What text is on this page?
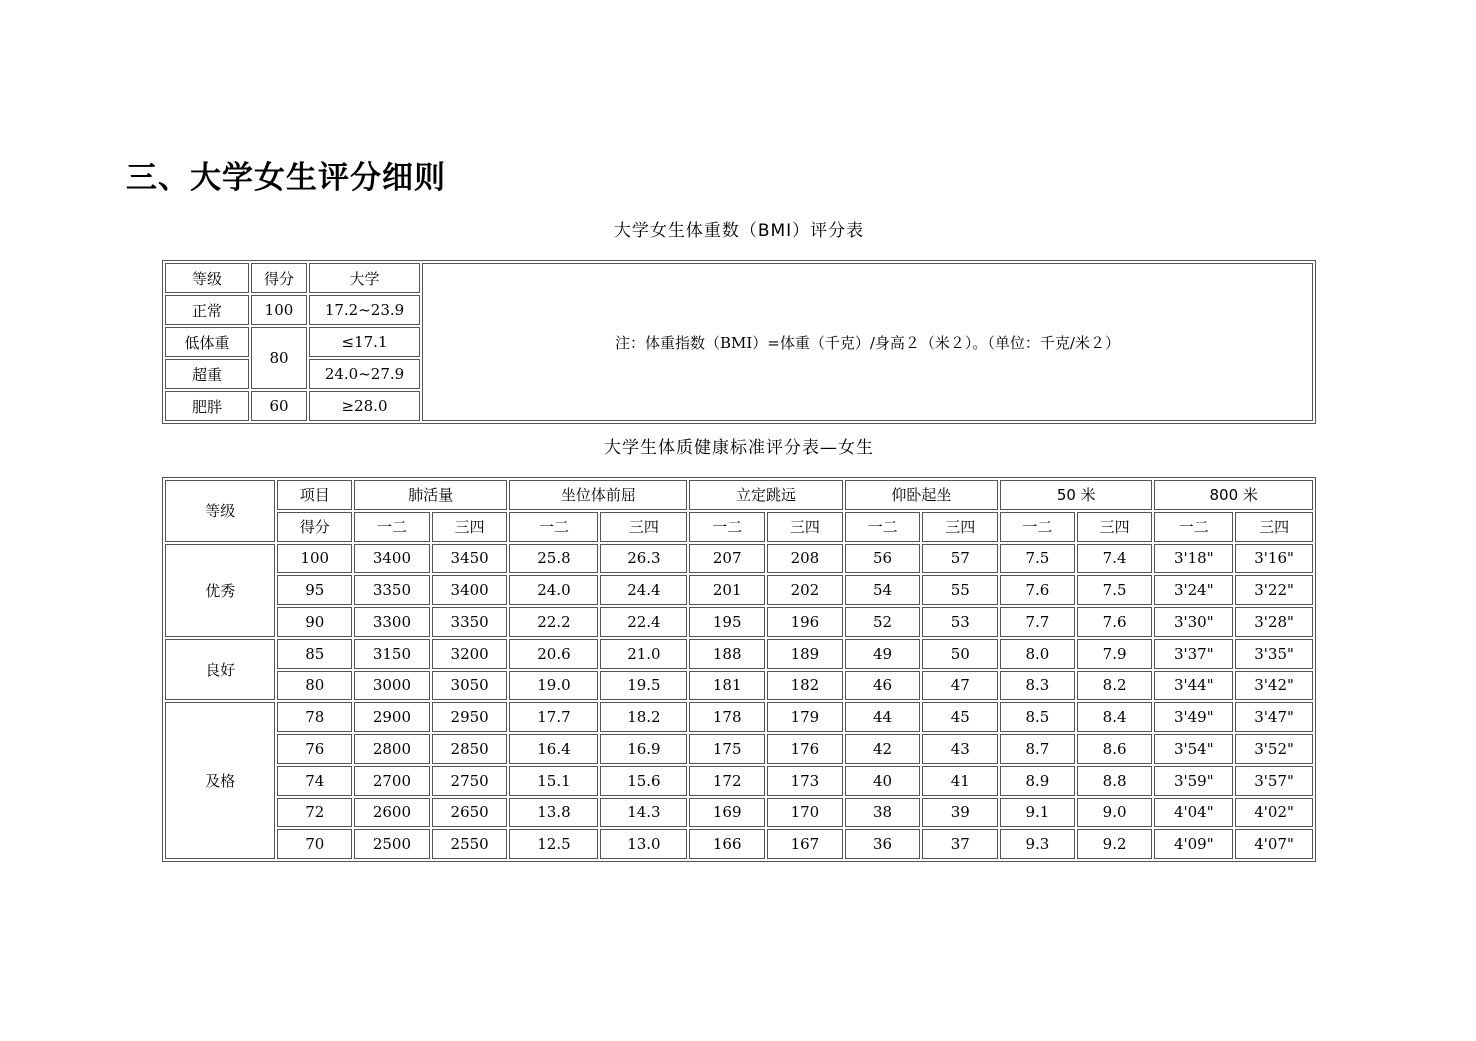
三、大学女生评分细则
大学女生体重数（BMI）评分表
等级	得分	大学	注：体重指数（BMI）=体重（千克）/身高２（米２）。（单位：千克/米２）
正常	100	17.2~23.9	
低体重	80	≤17.1	
超重		24.0~27.9	
肥胖	60	≥28.0	
大学生体质健康标准评分表—女生
等级	项目	肺活量		坐位体前屈		立定跳远		仰卧起坐		50 米		800 米	
	得分	一二	三四	一二	三四	一二	三四	一二	三四	一二	三四	一二	三四
优秀	100	3400	3450	25.8	26.3	207	208	56	57	7.5	7.4	3'18"	3'16"
	95	3350	3400	24.0	24.4	201	202	54	55	7.6	7.5	3'24"	3'22"
	90	3300	3350	22.2	22.4	195	196	52	53	7.7	7.6	3'30"	3'28"
良好	85	3150	3200	20.6	21.0	188	189	49	50	8.0	7.9	3'37"	3'35"
	80	3000	3050	19.0	19.5	181	182	46	47	8.3	8.2	3'44"	3'42"
及格	78	2900	2950	17.7	18.2	178	179	44	45	8.5	8.4	3'49"	3'47"
	76	2800	2850	16.4	16.9	175	176	42	43	8.7	8.6	3'54"	3'52"
	74	2700	2750	15.1	15.6	172	173	40	41	8.9	8.8	3'59"	3'57"
	72	2600	2650	13.8	14.3	169	170	38	39	9.1	9.0	4'04"	4'02"
	70	2500	2550	12.5	13.0	166	167	36	37	9.3	9.2	4'09"	4'07"
